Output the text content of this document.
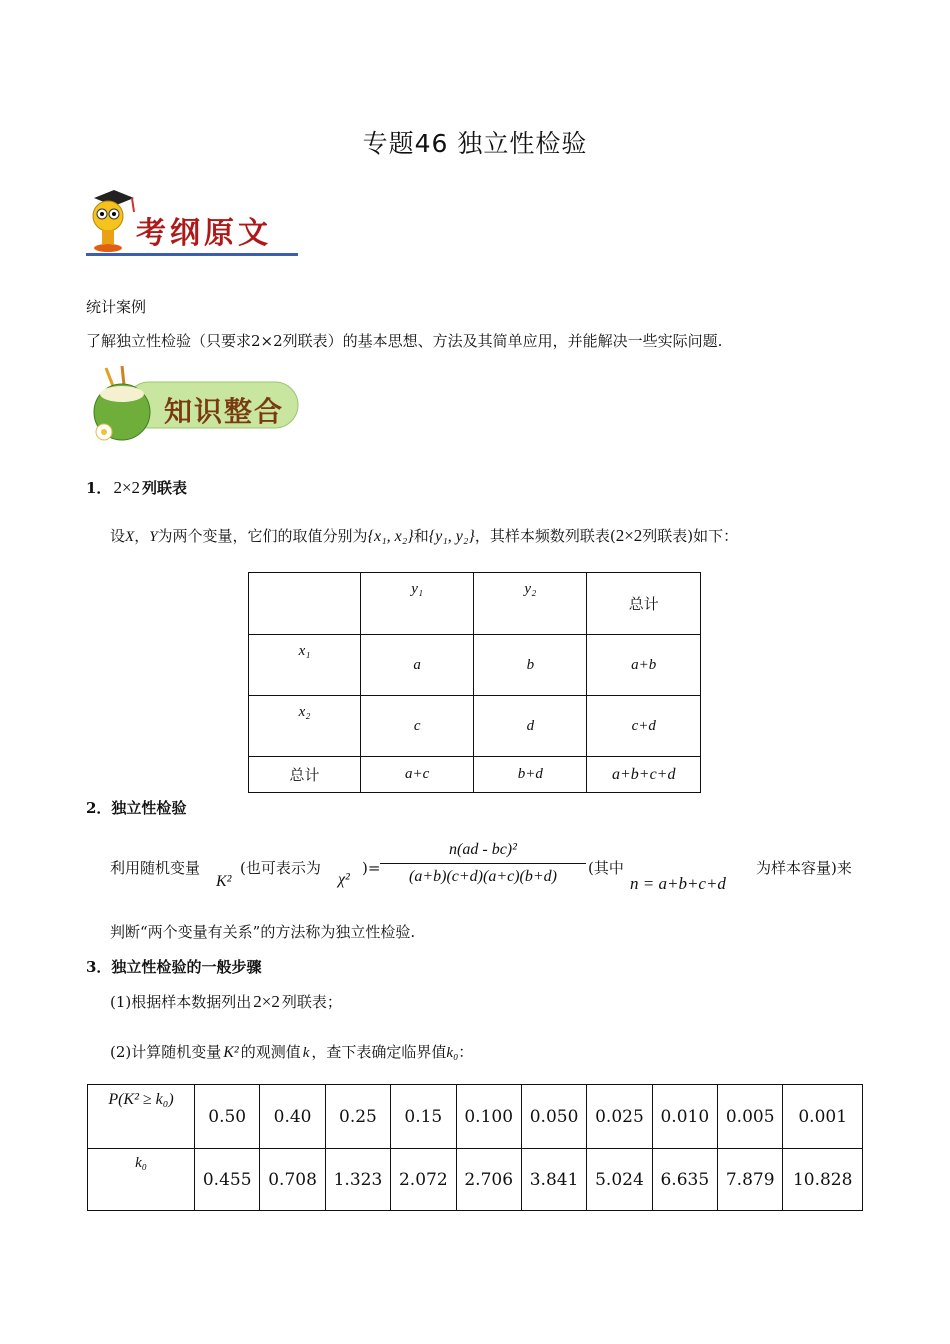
专题46 独立性检验
考纲原文
统计案例
了解独立性检验（只要求2×2列联表）的基本思想、方法及其简单应用，并能解决一些实际问题.
知识整合
1． 2×2 列联表
设X，Y为两个变量，它们的取值分别为{x₁, x₂}和{y₁, y₂}，其样本频数列联表(2×2列联表)如下：
	y₁	y₂	总计
x₁	a	b	a+b
x₂	c	d	c+d
总计	a+c	b+d	a+b+c+d
2．独立性检验
利用随机变量
K²
(也可表示为
χ²
)= $\frac{\text{n(ad - bc)²}}{(a+b)(c+d)(a+c)(b+d)}$ (其中
n = a+b+c+d
为样本容量)来
判断“两个变量有关系”的方法称为独立性检验.
3．独立性检验的一般步骤
(1)根据样本数据列出 2×2 列联表；
(2)计算随机变量 K² 的观测值 k ，查下表确定临界值k₀：
P(K² ≥ k₀)	0.50	0.40	0.25	0.15	0.100	0.050	0.025	0.010	0.005	0.001
k₀	0.455	0.708	1.323	2.072	2.706	3.841	5.024	6.635	7.879	10.828
